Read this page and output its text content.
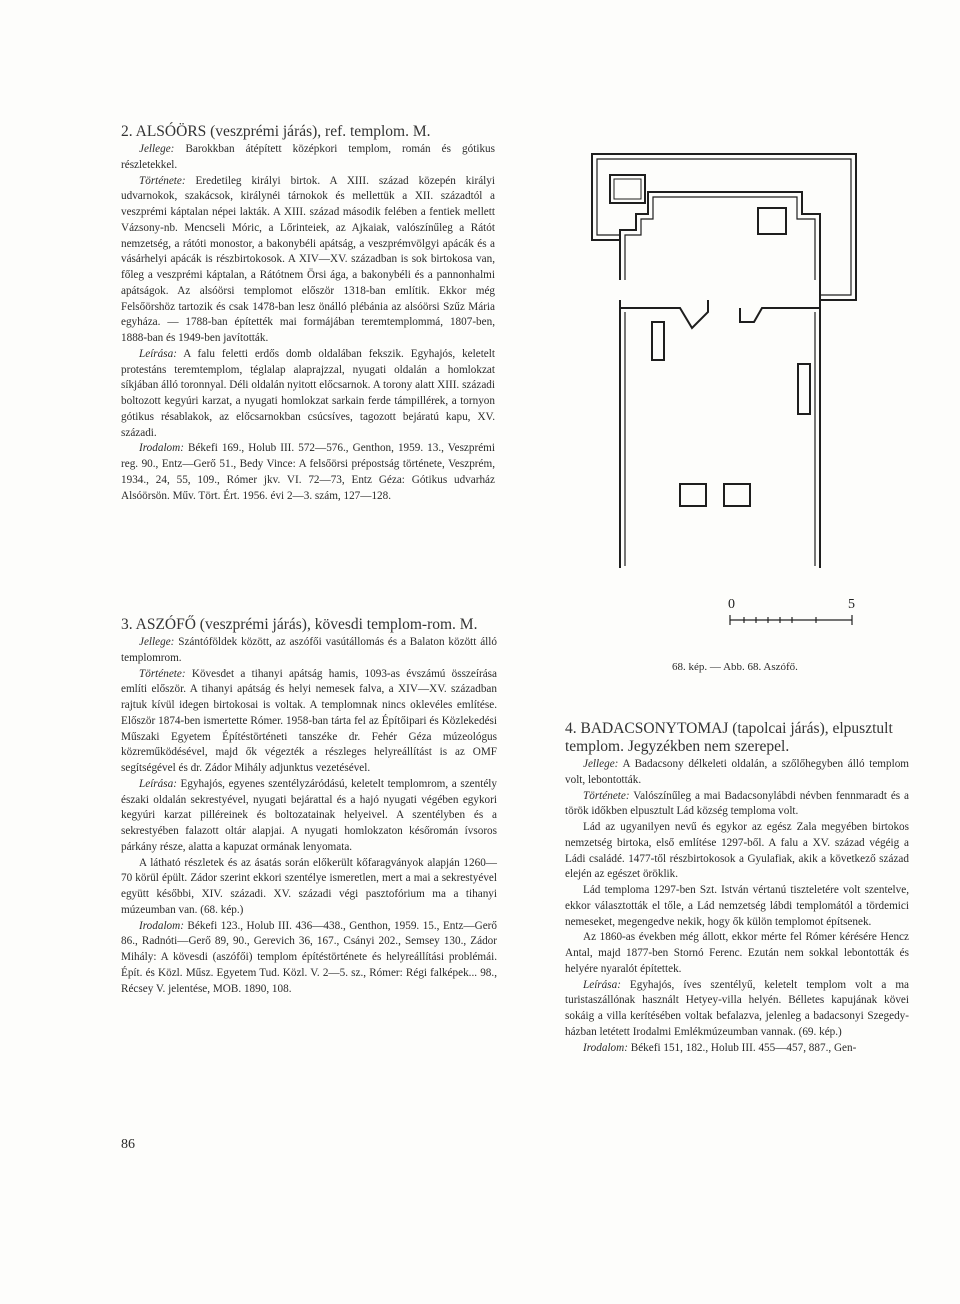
2. ALSÓÖRS (veszprémi járás), ref. templom. M.

Jellege: Barokkban átépített középkori templom, román és gótikus részletekkel.

Története: Eredetileg királyi birtok. A XIII. század közepén királyi udvarnokok, szakácsok, királynéi tárnokok és mellettük a XII. századtól a veszprémi káptalan népei lakták. A XIII. század második felében a fentiek mellett Vázsony-nb. Mencseli Móric, a Lőrinteiek, az Ajkaiak, valószínűleg a Rátót nemzetség, a rátóti monostor, a bakonybéli apátság, a veszprémvölgyi apácák és a vásárhelyi apácák is részbirtokosok. A XIV—XV. században is sok birtokosa van, főleg a veszprémi káptalan, a Rátótnem Örsi ága, a bakonybéli és a pannonhalmi apátságok. Az alsóörsi templomot először 1318-ban említik. Ekkor még Felsőörshöz tartozik és csak 1478-ban lesz önálló plébánia az alsóörsi Szűz Mária egyháza. — 1788-ban építették mai formájában teremtemplommá, 1807-ben, 1888-ban és 1949-ben javították.

Leírása: A falu feletti erdős domb oldalában fekszik. Egyhajós, keletelt protestáns teremtemplom, téglalap alaprajzzal, nyugati oldalán a homlokzat síkjában álló toronnyal. Déli oldalán nyitott előcsarnok. A torony alatt XIII. századi boltozott kegyúri karzat, a nyugati homlokzat sarkain ferde támpillérek, a tornyon gótikus résablakok, az előcsarnokban csúcsíves, tagozott bejáratú kapu, XV. századi.

Irodalom: Békefi 169., Holub III. 572—576., Genthon, 1959. 13., Veszprémi reg. 90., Entz—Gerő 51., Bedy Vince: A felsőörsi prépostság története, Veszprém, 1934., 24, 55, 109., Rómer jkv. VI. 72—73, Entz Géza: Gótikus udvarház Alsóörsön. Műv. Tört. Ért. 1956. évi 2—3. szám, 127—128.

3. ASZÓFŐ (veszprémi járás), kövesdi templom-rom. M.

Jellege: Szántóföldek között, az aszófői vasútállomás és a Balaton között álló templomrom.

Története: Kövesdet a tihanyi apátság hamis, 1093-as évszámú összeírása említi először. A tihanyi apátság és helyi nemesek falva, a XIV—XV. században rajtuk kívül idegen birtokosai is voltak. A templomnak nincs oklevéles említése. Először 1874-ben ismertette Rómer. 1958-ban tárta fel az Építőipari és Közlekedési Műszaki Egyetem Építéstörténeti tanszéke dr. Fehér Géza múzeológus közreműködésével, majd ők végezték a részleges helyreállítást is az OMF segítségével és dr. Zádor Mihály adjunktus vezetésével.

Leírása: Egyhajós, egyenes szentélyzáródású, keletelt templomrom, a szentély északi oldalán sekrestyével, nyugati bejárattal és a hajó nyugati végében egykori kegyúri karzat pilléreinek és boltozatainak helyeivel. A szentélyben és a sekrestyében falazott oltár alapjai. A nyugati homlokzaton későromán ívsoros párkány része, alatta a kapuzat ormának lenyomata.

A látható részletek és az ásatás során előkerült kőfaragványok alapján 1260—70 körül épült. Zádor szerint ekkori szentélye ismeretlen, mert a mai a sekrestyével együtt későbbi, XIV. századi. XV. századi végi pasztofórium ma a tihanyi múzeumban van. (68. kép.)

Irodalom: Békefi 123., Holub III. 436—438., Genthon, 1959. 15., Entz—Gerő 86., Radnóti—Gerő 89, 90., Gerevich 36, 167., Csányi 202., Semsey 130., Zádor Mihály: A kövesdi (aszófői) templom építéstörténete és helyreállítási problémái. Épít. és Közl. Műsz. Egyetem Tud. Közl. V. 2—5. sz., Rómer: Régi falképek... 98., Récsey V. jelentése, MOB. 1890, 108.

0	5
68. kép. — Abb. 68. Aszófő.
4. BADACSONYTOMAJ (tapolcai járás), elpusztult templom. Jegyzékben nem szerepel.

Jellege: A Badacsony délkeleti oldalán, a szőlőhegyben álló templom volt, lebontották.

Története: Valószínűleg a mai Badacsonylábdi névben fennmaradt és a török időkben elpusztult Lád község temploma volt.

Lád az ugyanilyen nevű és egykor az egész Zala megyében birtokos nemzetség birtoka, első említése 1297-ből. A falu a XV. század végéig a Ládi családé. 1477-től részbirtokosok a Gyulafiak, akik a következő század elején az egészet öröklik.

Lád temploma 1297-ben Szt. István vértanú tiszteletére volt szentelve, ekkor választották el tőle, a Lád nemzetség lábdi templomától a tördemici nemeseket, megengedve nekik, hogy ők külön templomot építsenek.

Az 1860-as években még állott, ekkor mérte fel Rómer kérésére Hencz Antal, majd 1877-ben Stornó Ferenc. Ezután nem sokkal lebontották és helyére nyaralót építettek.

Leírása: Egyhajós, íves szentélyű, keletelt templom volt a ma turistaszállónak használt Hetyey-villa helyén. Bélletes kapujának kövei sokáig a villa kerítésében voltak befalazva, jelenleg a badacsonyi Szegedy-házban letétett Irodalmi Emlékmúzeumban vannak. (69. kép.)

Irodalom: Békefi 151, 182., Holub III. 455—457, 887., Gen-

86
